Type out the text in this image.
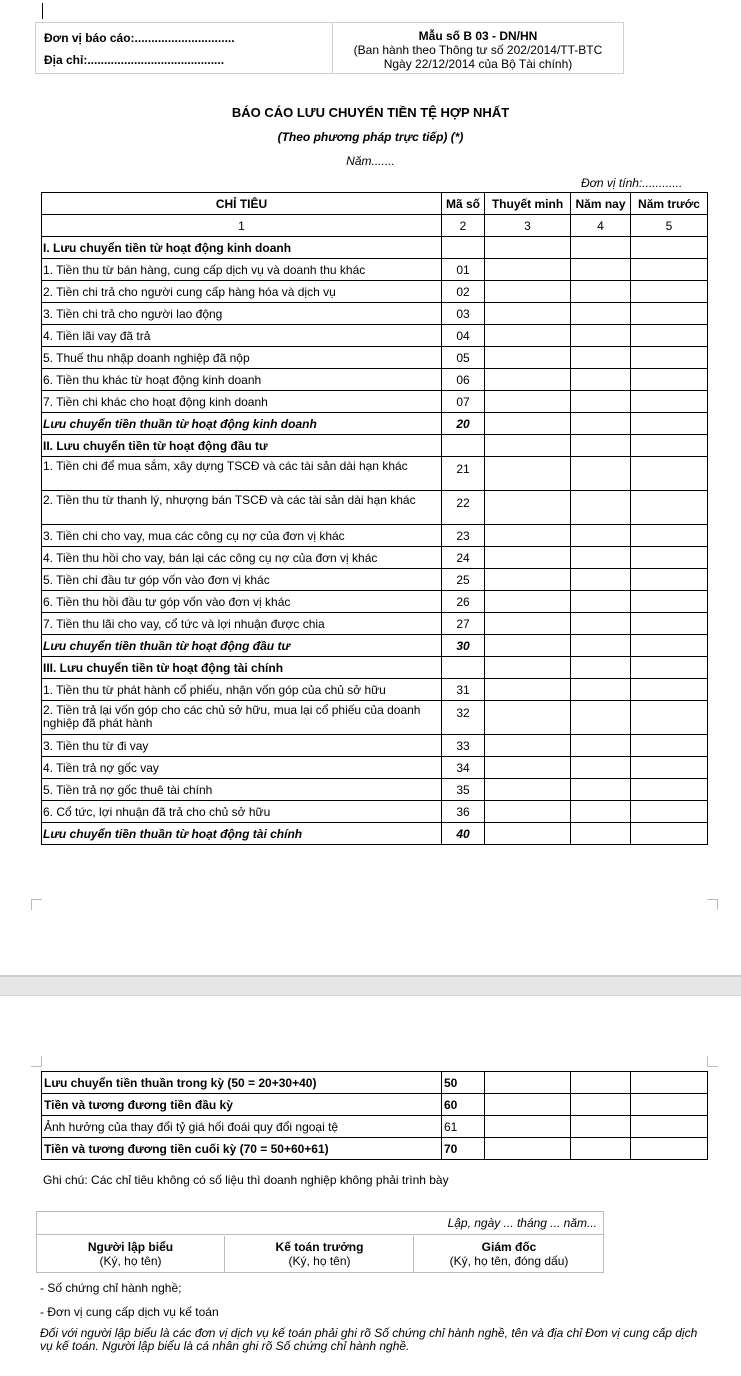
Đơn vị báo cáo:..............................
Địa chỉ:.........................................
Mẫu số B 03 - DN/HN
(Ban hành theo Thông tư số 202/2014/TT-BTC
Ngày 22/12/2014 của Bộ Tài chính)
BÁO CÁO LƯU CHUYỂN TIỀN TỆ HỢP NHẤT
(Theo phương pháp trực tiếp) (*)
Năm.......
Đơn vị tính:............
CHỈ TIÊU	Mã số	Thuyết minh	Năm nay	Năm trước
1	2	3	4	5
I. Lưu chuyển tiền từ hoạt động kinh doanh				
1. Tiền thu từ bán hàng, cung cấp dịch vụ và doanh thu khác	01			
2. Tiền chi trả cho người cung cấp hàng hóa và dịch vụ	02			
3. Tiền chi trả cho người lao động	03			
4. Tiền lãi vay đã trả	04			
5. Thuế thu nhập doanh nghiệp đã nộp	05			
6. Tiền thu khác từ hoạt động kinh doanh	06			
7. Tiền chi khác cho hoạt động kinh doanh	07			
Lưu chuyển tiền thuần từ hoạt động kinh doanh	20			
II. Lưu chuyển tiền từ hoạt động đầu tư				
1. Tiền chi để mua sắm, xây dựng TSCĐ và các tài sản dài hạn khác	21			
2. Tiền thu từ thanh lý, nhượng bán TSCĐ và các tài sản dài hạn khác	22			
3. Tiền chi cho vay, mua các công cụ nợ của đơn vị khác	23			
4. Tiền thu hồi cho vay, bán lại các công cụ nợ của đơn vị khác	24			
5. Tiền chi đầu tư góp vốn vào đơn vị khác	25			
6. Tiền thu hồi đầu tư góp vốn vào đơn vị khác	26			
7. Tiền thu lãi cho vay, cổ tức và lợi nhuận được chia	27			
Lưu chuyển tiền thuần từ hoạt động đầu tư	30			
III. Lưu chuyển tiền từ hoạt động tài chính				
1. Tiền thu từ phát hành cổ phiếu, nhận vốn góp của chủ sở hữu	31			
2. Tiền trả lại vốn góp cho các chủ sở hữu, mua lại cổ phiếu của doanh nghiệp đã phát hành	32			
3. Tiền thu từ đi vay	33			
4. Tiền trả nợ gốc vay	34			
5. Tiền trả nợ gốc thuê tài chính	35			
6. Cổ tức, lợi nhuận đã trả cho chủ sở hữu	36			
Lưu chuyển tiền thuần từ hoạt động tài chính	40			
Lưu chuyển tiền thuần trong kỳ (50 = 20+30+40)	50			
Tiền và tương đương tiền đầu kỳ	60			
Ảnh hưởng của thay đổi tỷ giá hối đoái quy đổi ngoại tệ	61			
Tiền và tương đương tiền cuối kỳ (70 = 50+60+61)	70			
Ghi chú: Các chỉ tiêu không có số liệu thì doanh nghiệp không phải trình bày
Lập, ngày ... tháng ... năm...
Người lập biểu
(Ký, họ tên)
Kế toán trưởng
(Ký, họ tên)
Giám đốc
(Ký, họ tên, đóng dấu)
- Số chứng chỉ hành nghề;
- Đơn vị cung cấp dịch vụ kế toán
Đối với người lập biểu là các đơn vị dịch vụ kế toán phải ghi rõ Số chứng chỉ hành nghề, tên và địa chỉ Đơn vị cung cấp dịch vụ kế toán. Người lập biểu là cá nhân ghi rõ Số chứng chỉ hành nghề.
